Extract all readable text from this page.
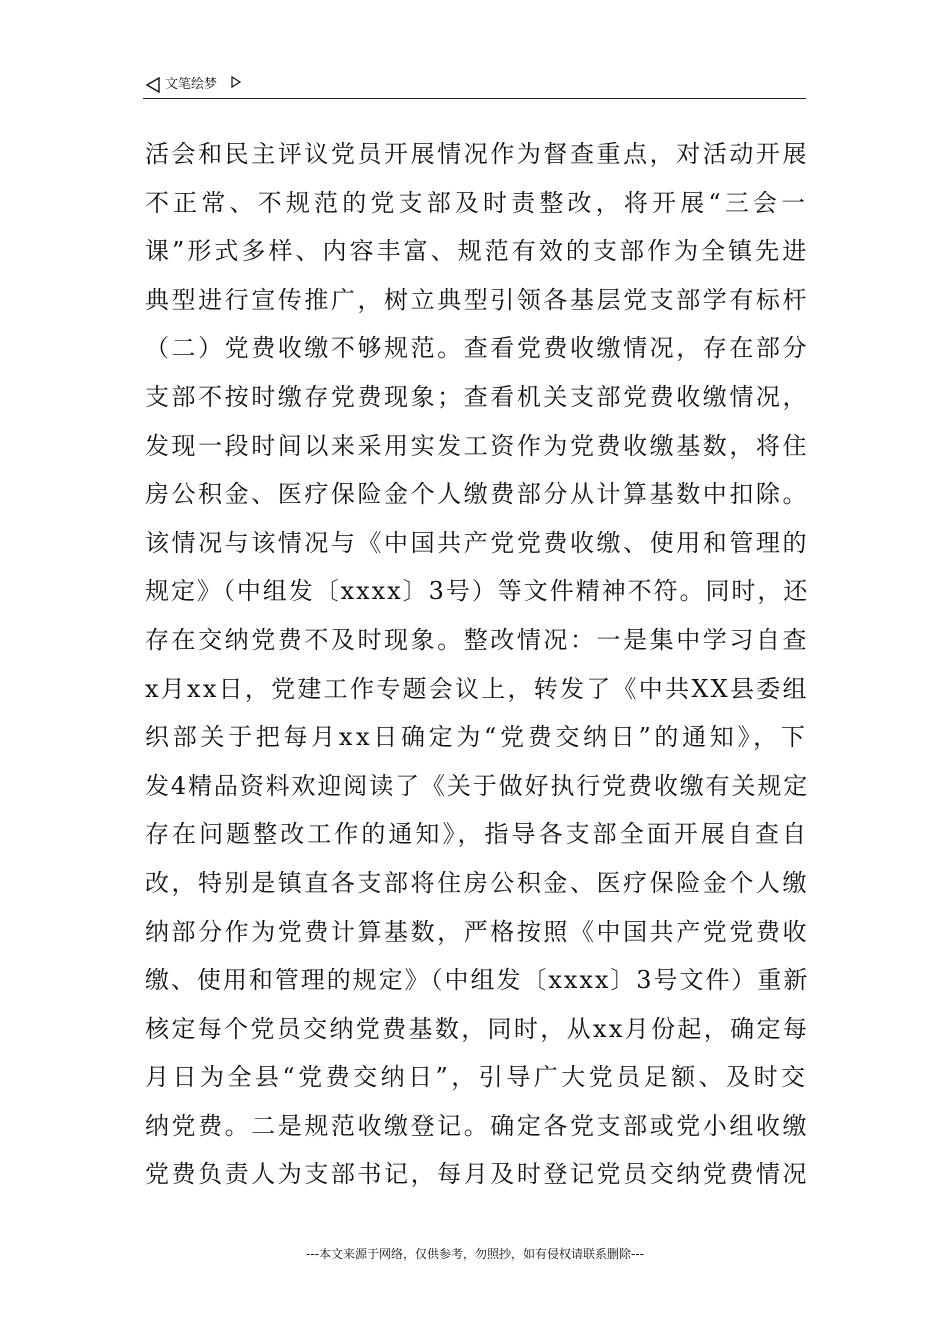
文笔绘梦
活会和民主评议党员开展情况作为督查重点，对活动开展
不正常、不规范的党支部及时责整改，将开展“三会一
课”形式多样、内容丰富、规范有效的支部作为全镇先进
典型进行宣传推广，树立典型引领各基层党支部学有标杆
（二）党费收缴不够规范。查看党费收缴情况，存在部分
支部不按时缴存党费现象；查看机关支部党费收缴情况，
发现一段时间以来采用实发工资作为党费收缴基数，将住
房公积金、医疗保险金个人缴费部分从计算基数中扣除。
该情况与该情况与《中国共产党党费收缴、使用和管理的
规定》（中组发〔xxxx〕3号）等文件精神不符。同时，还
存在交纳党费不及时现象。整改情况：一是集中学习自查
x月xx日，党建工作专题会议上，转发了《中共XX县委组
织部关于把每月xx日确定为“党费交纳日”的通知》，下
发4精品资料欢迎阅读了《关于做好执行党费收缴有关规定
存在问题整改工作的通知》，指导各支部全面开展自查自
改，特别是镇直各支部将住房公积金、医疗保险金个人缴
纳部分作为党费计算基数，严格按照《中国共产党党费收
缴、使用和管理的规定》（中组发〔xxxx〕3号文件）重新
核定每个党员交纳党费基数，同时，从xx月份起，确定每
月日为全县“党费交纳日”，引导广大党员足额、及时交
纳党费。二是规范收缴登记。确定各党支部或党小组收缴
党费负责人为支部书记，每月及时登记党员交纳党费情况
---本文来源于网络，仅供参考，勿照抄，如有侵权请联系删除---
